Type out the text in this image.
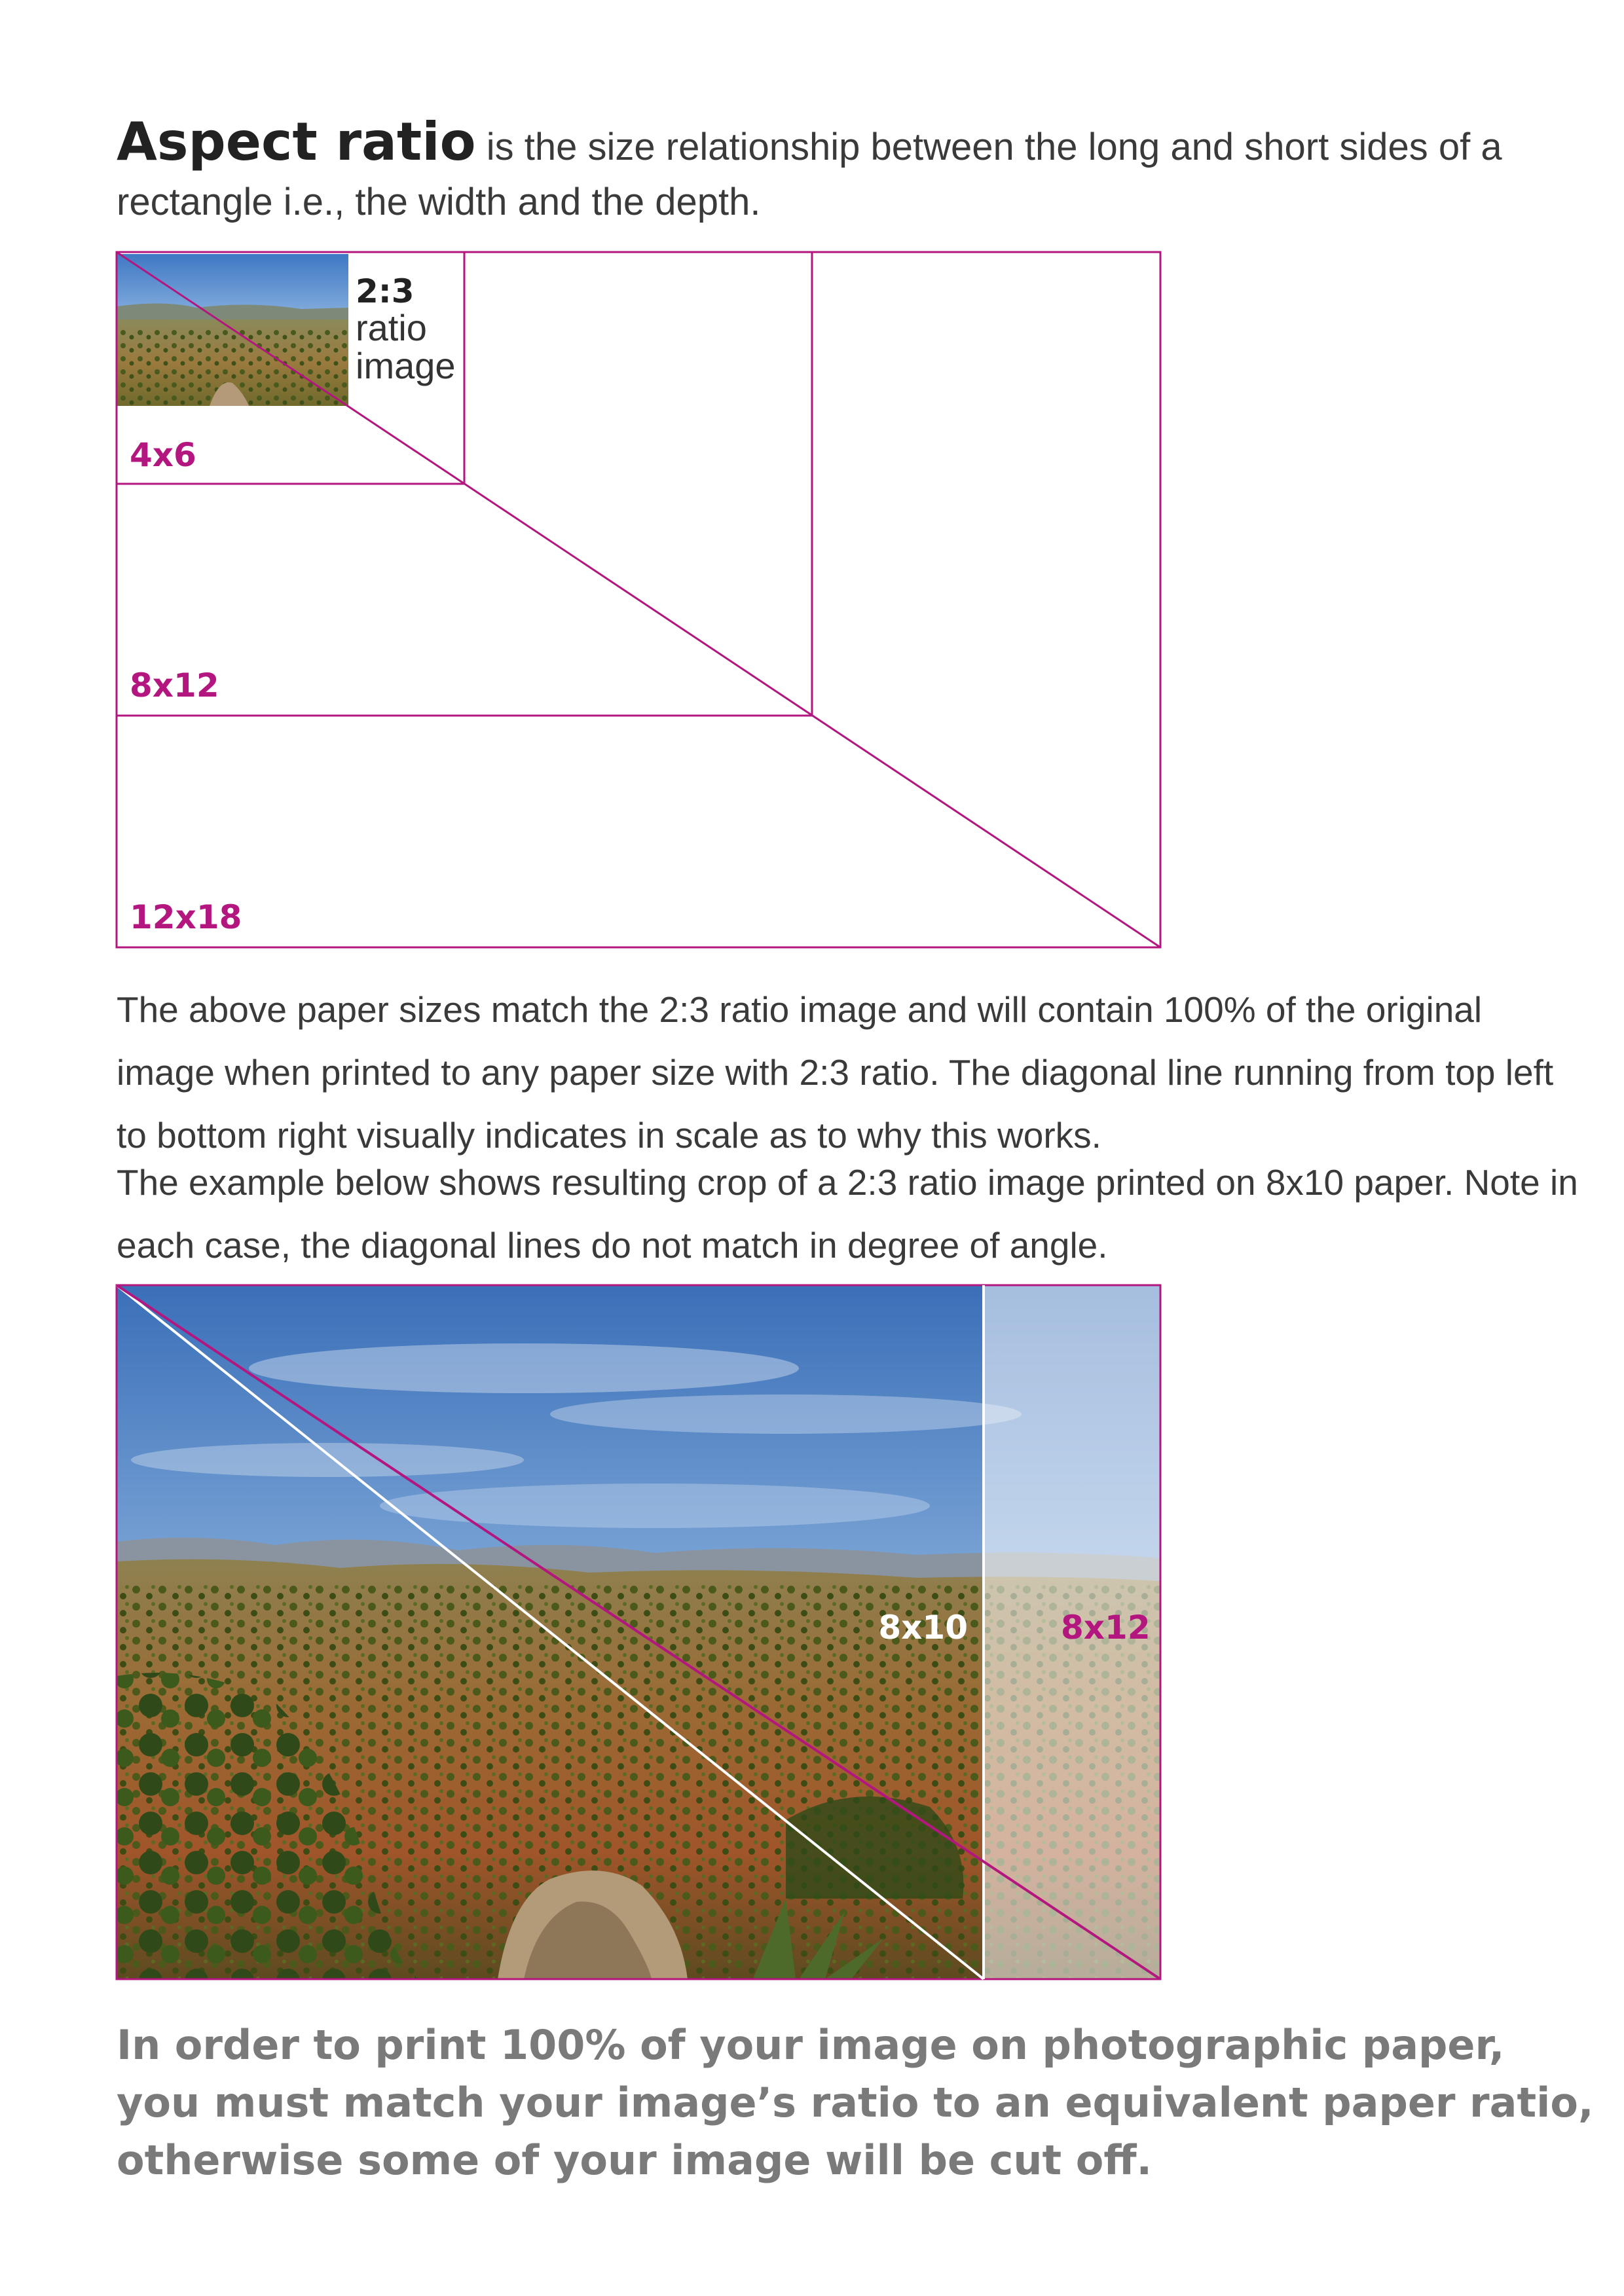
Aspect ratio is the size relationship between the long and short sides of a rectangle i.e., the width and the depth.

2:3
ratio
image
4x6
8x12
12x18

The above paper sizes match the 2:3 ratio image and will contain 100% of the original image when printed to any paper size with 2:3 ratio. The diagonal line running from top left to bottom right visually indicates in scale as to why this works.

The example below shows resulting crop of a 2:3 ratio image printed on 8x10 paper. Note in each case, the diagonal lines do not match in degree of angle.

8x10	8x12

In order to print 100% of your image on photographic paper, you must match your image’s ratio to an equivalent paper ratio, otherwise some of your image will be cut off.
